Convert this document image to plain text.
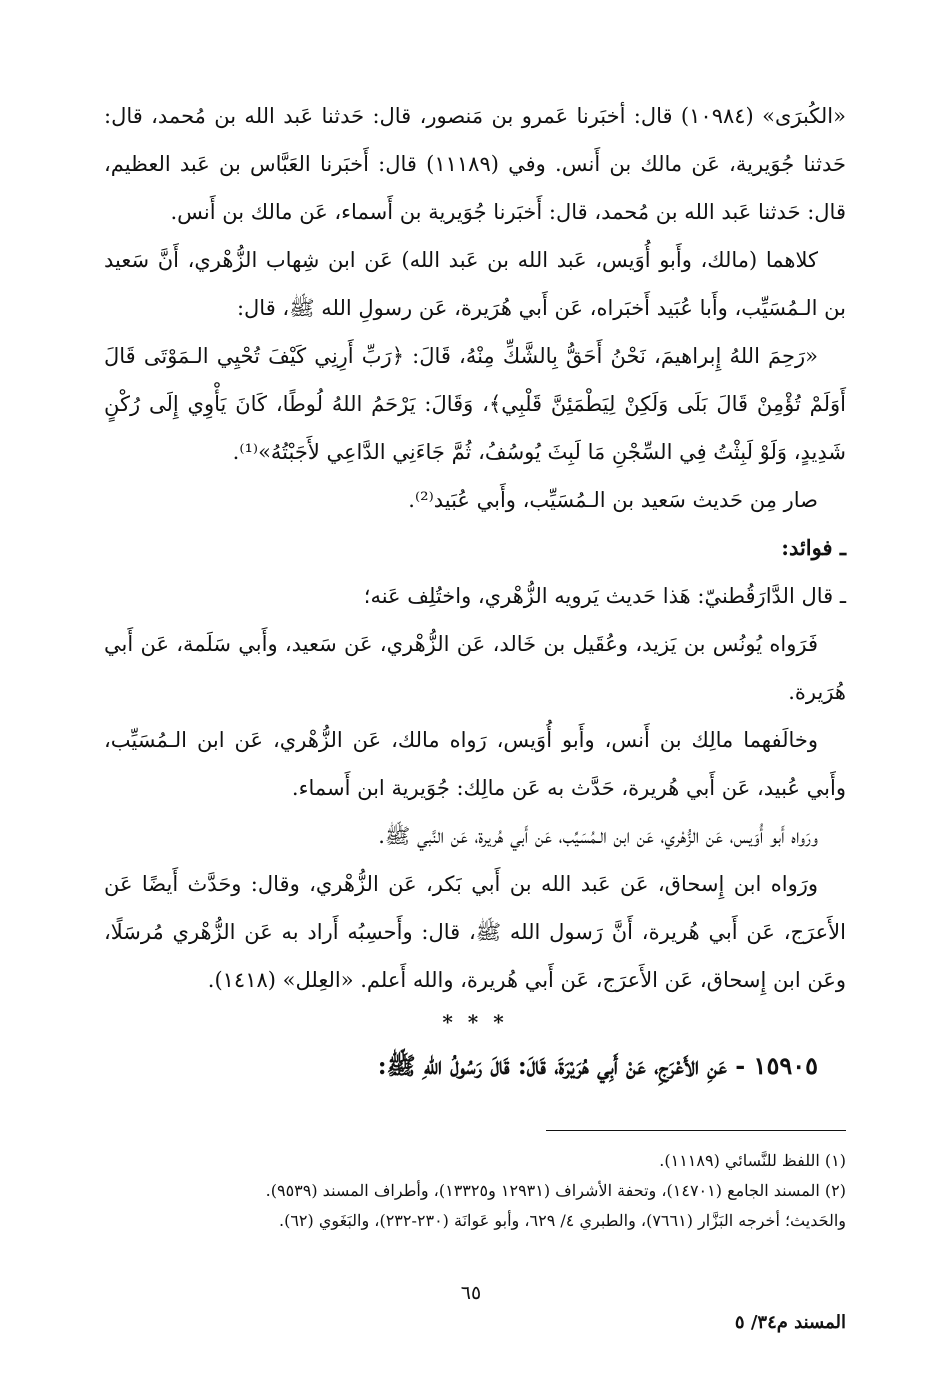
«الكُبرَى» (١٠٩٨٤) قال: أخبَرنا عَمرو بن مَنصور، قال: حَدثنا عَبد الله بن مُحمد، قال: حَدثنا جُوَيرية، عَن مالك بن أَنس. وفي (١١١٨٩) قال: أَخبَرنا العَبَّاس بن عَبد العظيم، قال: حَدثنا عَبد الله بن مُحمد، قال: أَخبَرنا جُوَيرية بن أَسماء، عَن مالك بن أَنس.

كلاهما (مالك، وأَبو أُوَيس، عَبد الله بن عَبد الله) عَن ابن شِهاب الزُّهْري، أَنَّ سَعيد بن الـمُسَيِّب، وأَبا عُبَيد أَخبَراه، عَن أَبي هُرَيرة، عَن رسولِ الله ﷺ، قال:

«رَحِمَ اللهُ إِبراهيمَ، نَحْنُ أَحَقُّ بِالشَّكِّ مِنْهُ، قَالَ: ﴿رَبِّ أَرِنِي كَيْفَ تُحْيِي الـمَوْتَى قَالَ أَوَلَمْ تُؤْمِنْ قَالَ بَلَى وَلَكِنْ لِيَطْمَئِنَّ قَلْبِي﴾، وَقَالَ: يَرْحَمُ اللهُ لُوطًا، كَانَ يَأْوِي إِلَى رُكْنٍ شَدِيدٍ، وَلَوْ لَبِثْتُ فِي السِّجْنِ مَا لَبِثَ يُوسُفُ، ثُمَّ جَاءَنِي الدَّاعِي لأَجَبْتُهُ»⁽¹⁾.

صار مِن حَديث سَعيد بن الـمُسَيِّب، وأَبي عُبَيد⁽²⁾.

ـ فوائد:

ـ قال الدَّارَقُطنيّ: هَذا حَديث يَرويه الزُّهْري، واختُلِف عَنه؛

فَرَواه يُونُس بن يَزيد، وعُقَيل بن خَالد، عَن الزُّهْري، عَن سَعيد، وأَبي سَلَمة، عَن أَبي هُرَيرة.

وخالَفهما مالِك بن أَنس، وأَبو أُوَيس، رَواه مالك، عَن الزُّهْري، عَن ابن الـمُسَيِّب، وأَبي عُبيد، عَن أَبي هُريرة، حَدَّث به عَن مالِك: جُوَيرية ابن أَسماء.

ورَواه أَبو أُوَيس، عَن الزُّهْري، عَن ابن الـمُسَيِّب، عَن أَبي هُريرة، عَن النَّبي ﷺ.

ورَواه ابن إِسحاق، عَن عَبد الله بن أَبي بَكر، عَن الزُّهْري، وقال: وحَدَّث أَيضًا عَن الأَعرَج، عَن أَبي هُريرة، أَنَّ رَسول الله ﷺ، قال: وأَحسِبُه أَراد به عَن الزُّهْري مُرسَلًا، وعَن ابن إِسحاق، عَن الأَعرَج، عَن أَبي هُريرة، والله أَعلم. «العِلل» (١٤١٨).

* * *

١٥٩٠٥ - عَنِ الأَعْرَجِ، عَنْ أَبِي هُرَيْرَةَ، قَالَ: قَالَ رَسُولُ اللهِ ﷺ:

(١) اللفظ للنَّسائي (١١١٨٩).

(٢) المسند الجامع (١٤٧٠١)، وتحفة الأشراف (١٢٩٣١ و١٣٣٢٥)، وأطراف المسند (٩٥٣٩).

والحَديث؛ أخرجه البَزَّار (٧٦٦١)، والطبري ٤/ ٦٢٩، وأبو عَوانَة (٢٣٠-٢٣٢)، والبَغَوي (٦٢).

٦٥
المسند م٣٤/ ٥
